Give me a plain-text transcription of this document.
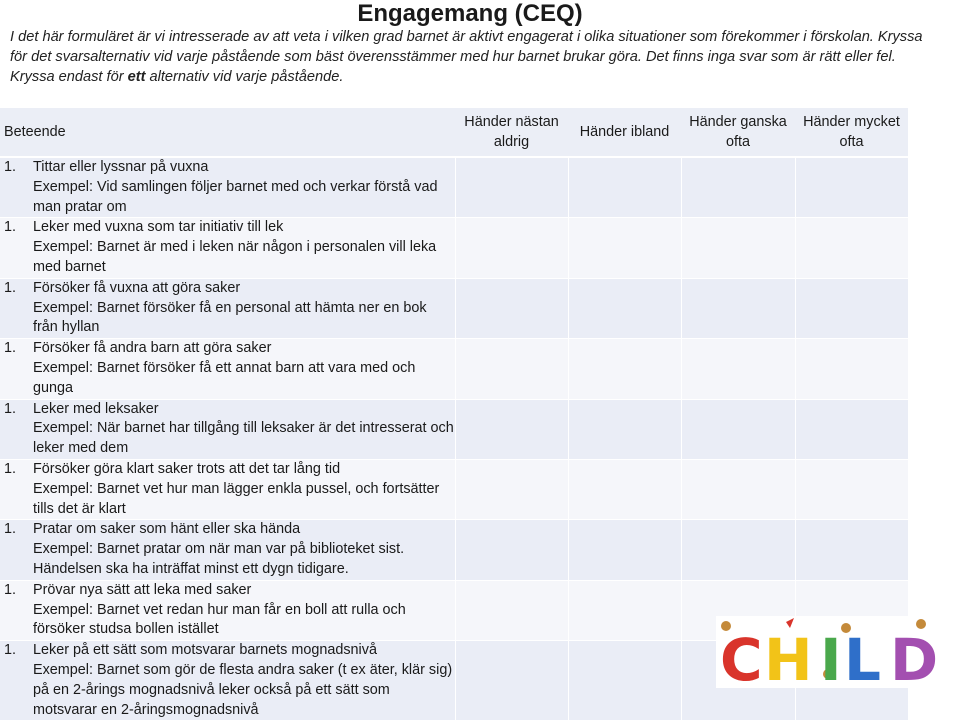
Engagemang (CEQ)
I det här formuläret är vi intresserade av att veta i vilken grad barnet är aktivt engagerat i olika situationer som förekommer i förskolan. Kryssa för det svarsalternativ vid varje påstående som bäst överensstämmer med hur barnet brukar göra. Det finns inga svar som är rätt eller fel. Kryssa endast för ett alternativ vid varje påstående.
Beteende	Händer nästan aldrig	Händer ibland	Händer ganska ofta	Händer mycket ofta

1. Tittar eller lyssnar på vuxna
Exempel: Vid samlingen följer barnet med och verkar förstå vad man pratar om				

1. Leker med vuxna som tar initiativ till lek
Exempel: Barnet är med i leken när någon i personalen vill leka med barnet				

1. Försöker få vuxna att göra saker
Exempel: Barnet försöker få en personal att hämta ner en bok från hyllan				

1. Försöker få andra barn att göra saker
Exempel: Barnet försöker få ett annat barn att vara med och gunga				

1. Leker med leksaker
Exempel: När barnet har tillgång till leksaker är det intresserat och leker med dem				

1. Försöker göra klart saker trots att det tar lång tid
Exempel: Barnet vet hur man lägger enkla pussel, och fortsätter tills det är klart				

1. Pratar om saker som hänt eller ska hända
Exempel: Barnet pratar om när man var på biblioteket sist. Händelsen ska ha inträffat minst ett dygn tidigare.				

1. Prövar nya sätt att leka med saker
Exempel: Barnet vet redan hur man får en boll att rulla och försöker studsa bollen istället				

1. Leker på ett sätt som motsvarar barnets mognadsnivå
Exempel: Barnet som gör de flesta andra saker (t ex äter, klär sig) på en 2-årings mognadsnivå leker också på ett sätt som motsvarar en 2-åringsmognadsnivå				

C H I L D
